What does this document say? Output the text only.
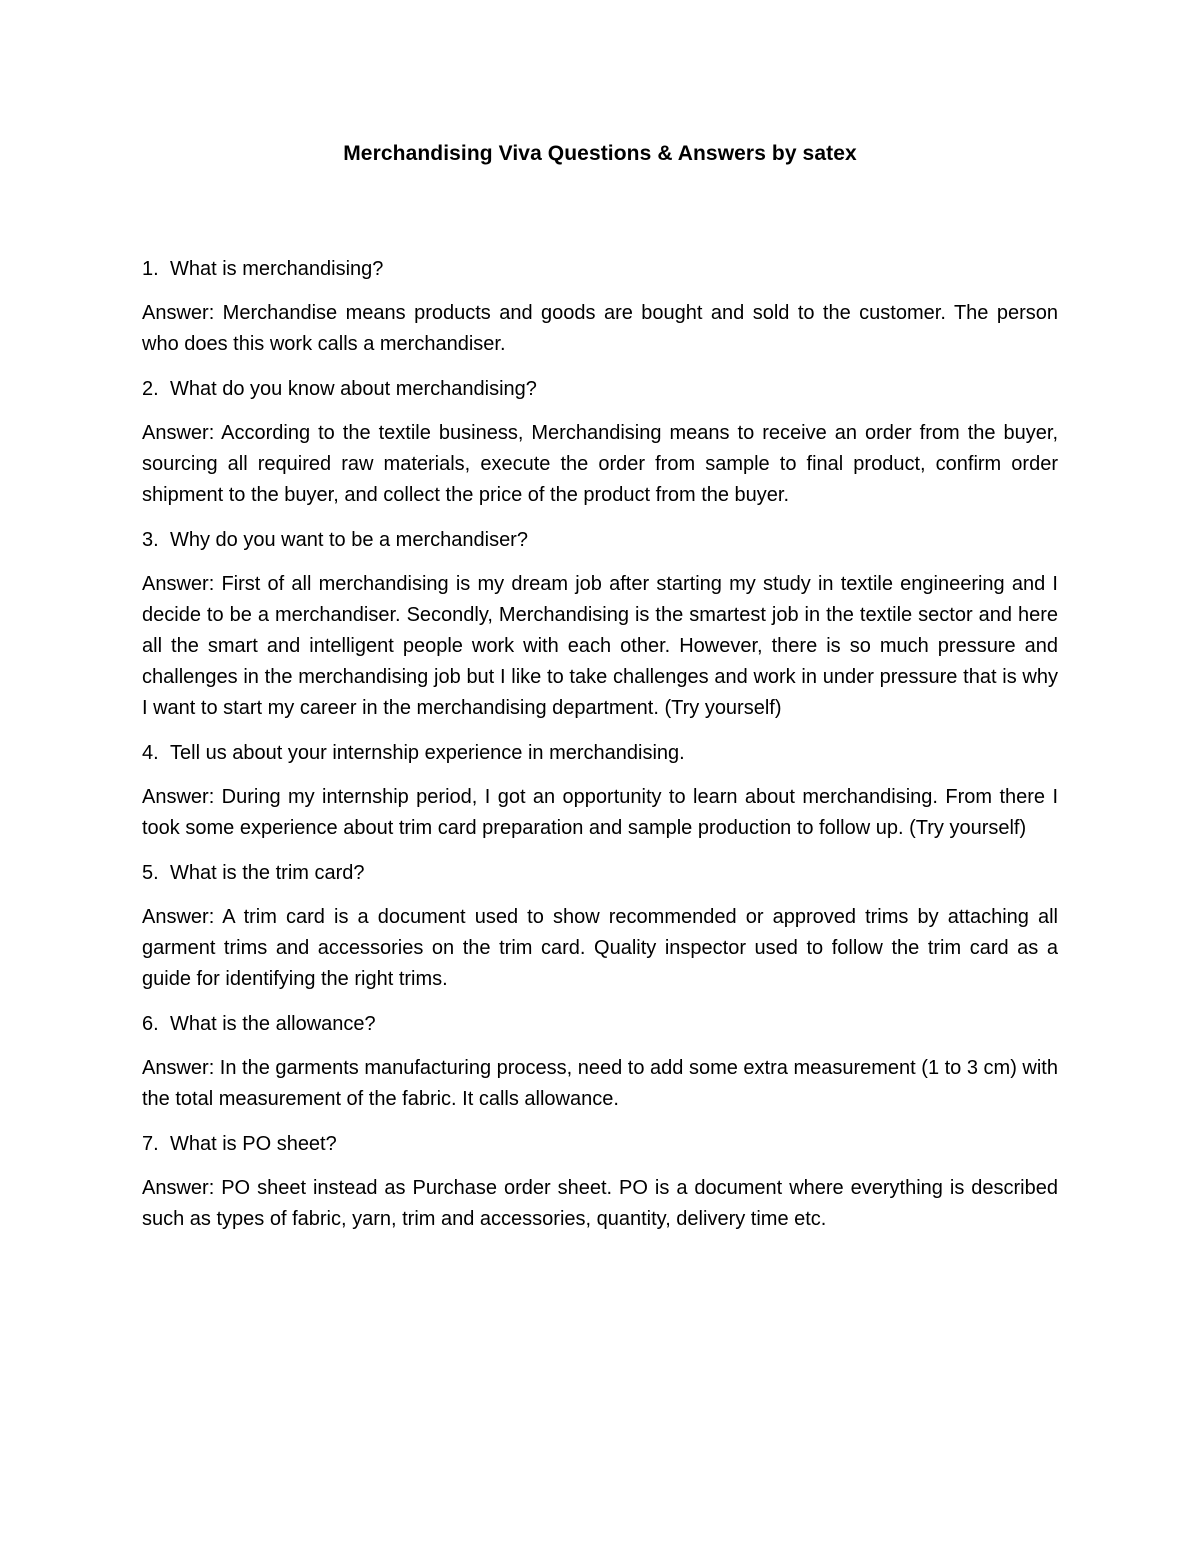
Merchandising Viva Questions & Answers by satex

1. What is merchandising?

Answer: Merchandise means products and goods are bought and sold to the customer. The person who does this work calls a merchandiser.

2. What do you know about merchandising?

Answer: According to the textile business, Merchandising means to receive an order from the buyer, sourcing all required raw materials, execute the order from sample to final product, confirm order shipment to the buyer, and collect the price of the product from the buyer.

3. Why do you want to be a merchandiser?

Answer: First of all merchandising is my dream job after starting my study in textile engineering and I decide to be a merchandiser. Secondly, Merchandising is the smartest job in the textile sector and here all the smart and intelligent people work with each other. However, there is so much pressure and challenges in the merchandising job but I like to take challenges and work in under pressure that is why I want to start my career in the merchandising department. (Try yourself)

4. Tell us about your internship experience in merchandising.

Answer: During my internship period, I got an opportunity to learn about merchandising. From there I took some experience about trim card preparation and sample production to follow up. (Try yourself)

5. What is the trim card?

Answer: A trim card is a document used to show recommended or approved trims by attaching all garment trims and accessories on the trim card. Quality inspector used to follow the trim card as a guide for identifying the right trims.

6. What is the allowance?

Answer: In the garments manufacturing process, need to add some extra measurement (1 to 3 cm) with the total measurement of the fabric. It calls allowance.

7. What is PO sheet?

Answer: PO sheet instead as Purchase order sheet. PO is a document where everything is described such as types of fabric, yarn, trim and accessories, quantity, delivery time etc.
